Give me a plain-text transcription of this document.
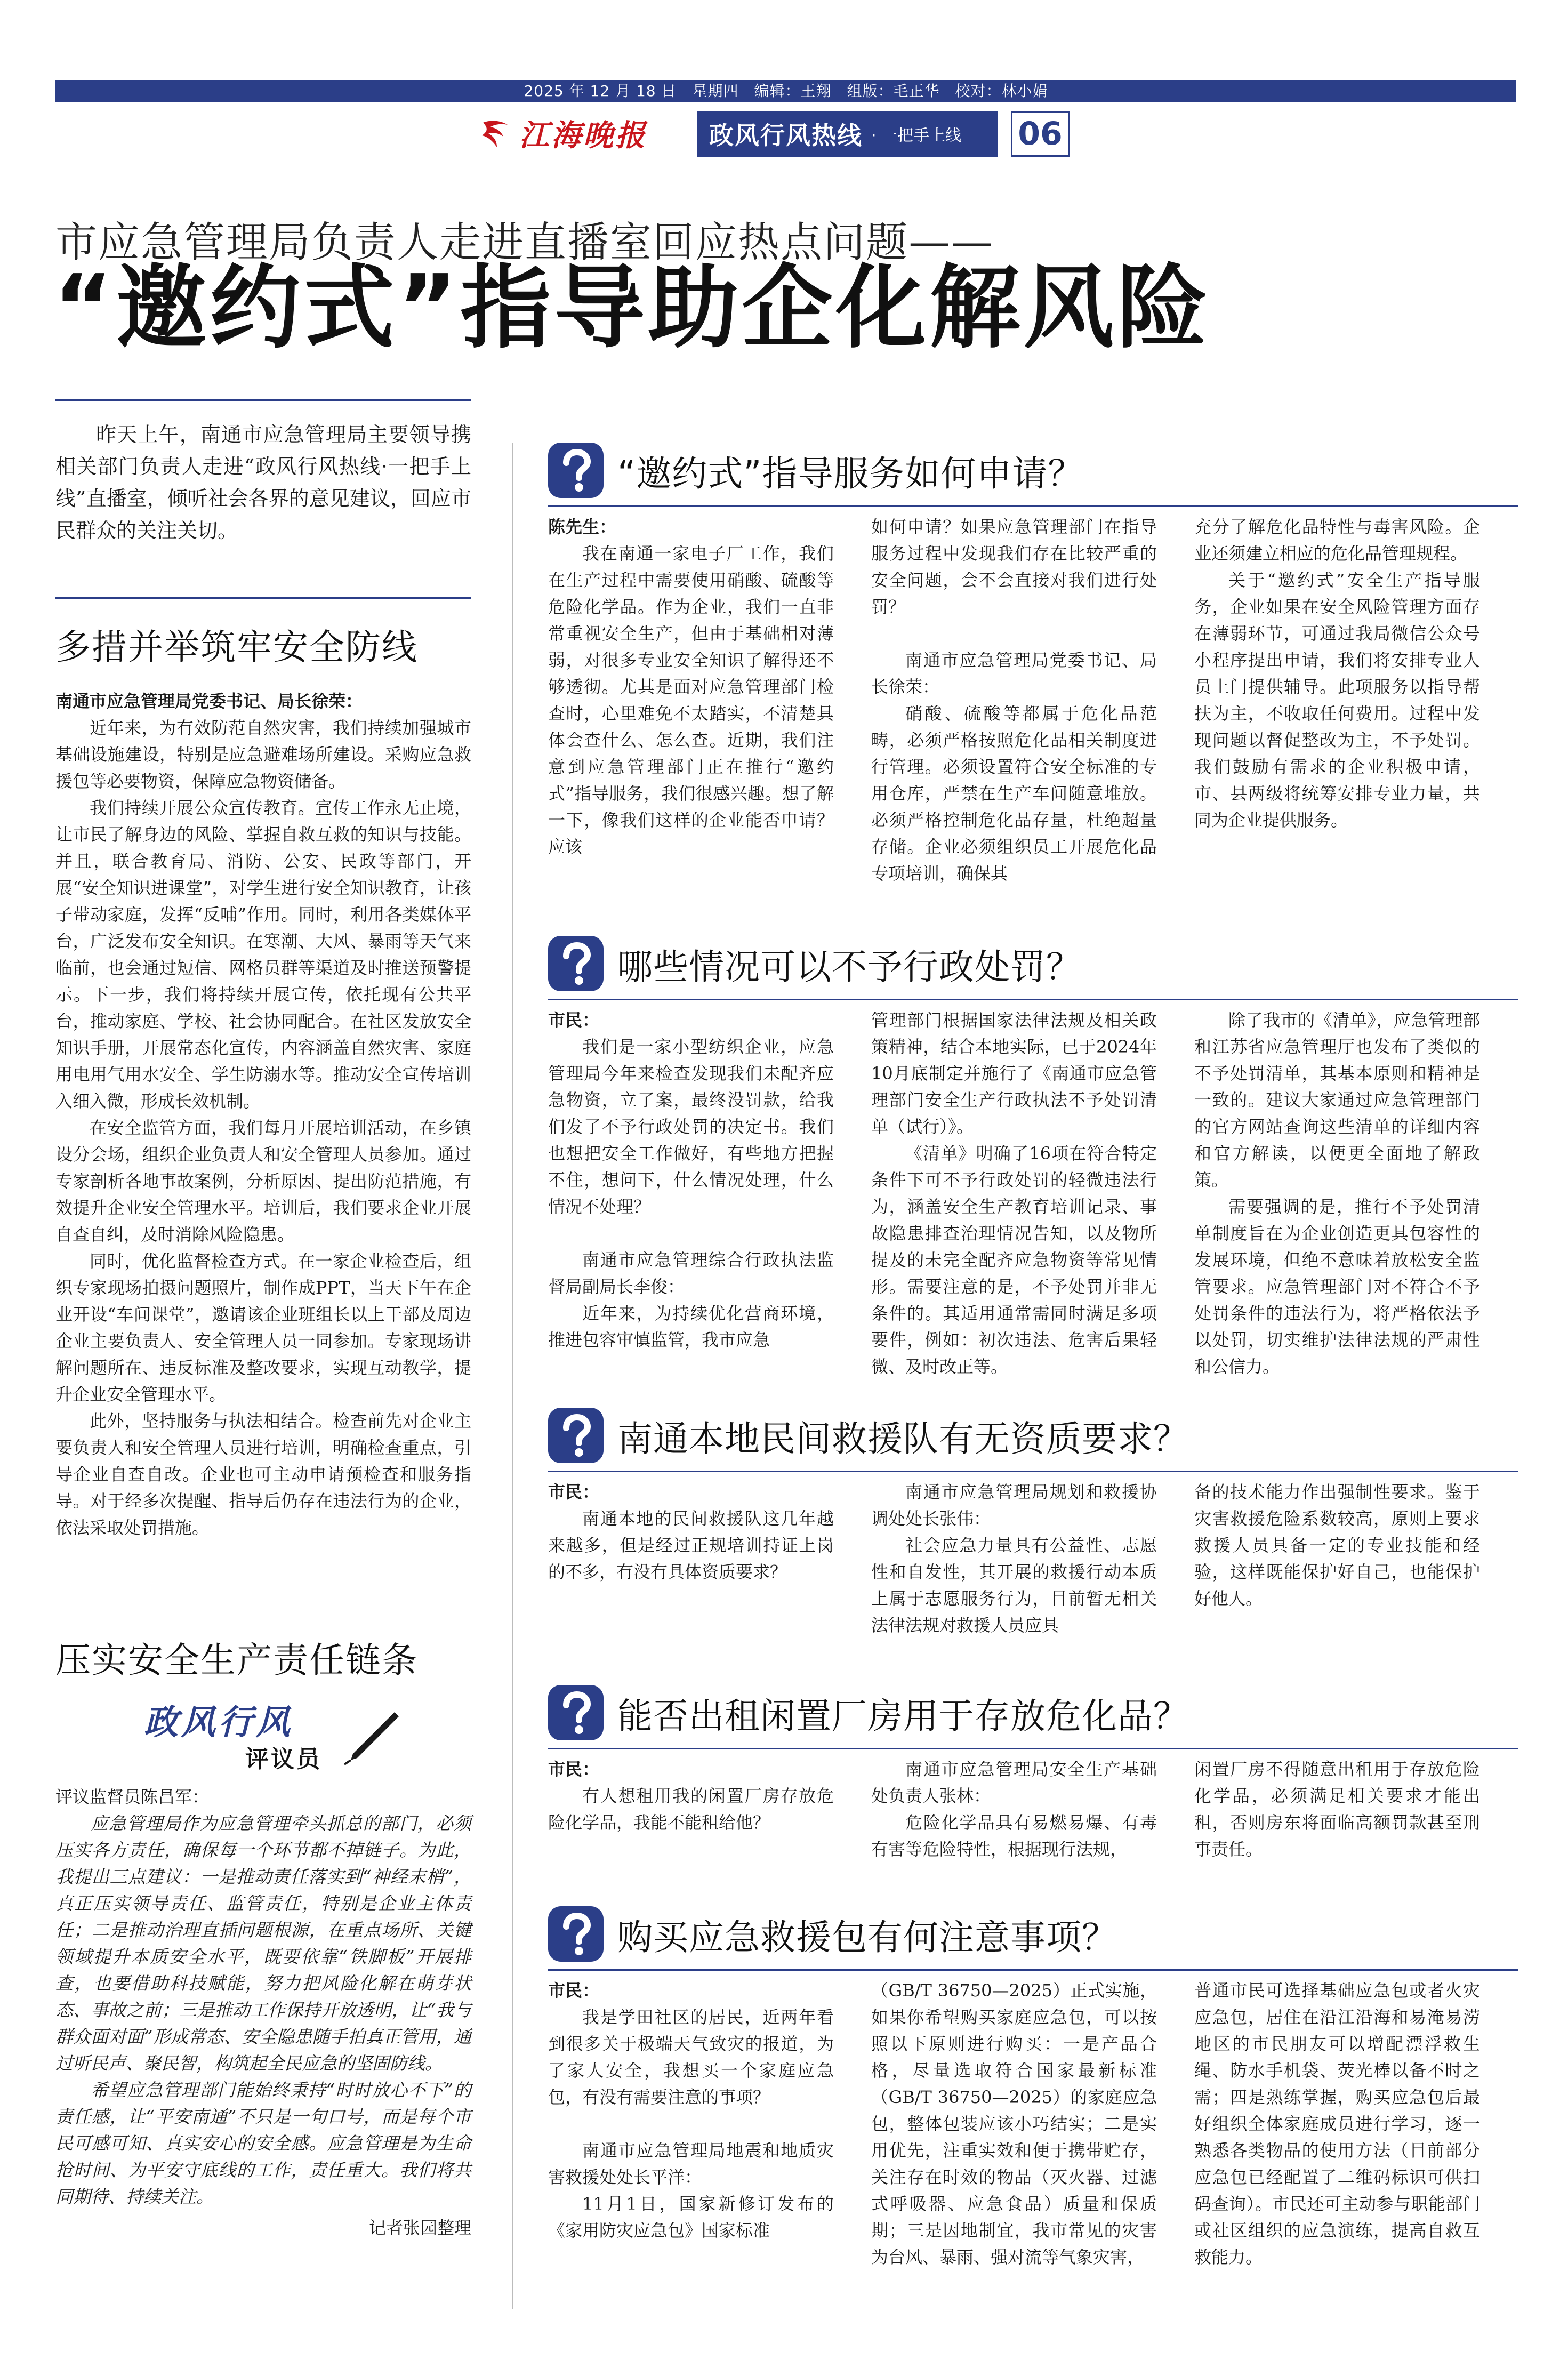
2025 年 12 月 18 日　星期四　编辑：王翔　组版：毛正华　校对：林小娟
江海晚报	政风行风热线 · 一把手上线 06
市应急管理局负责人走进直播室回应热点问题——
“邀约式”指导助企化解风险

昨天上午，南通市应急管理局主要领导携相关部门负责人走进“政风行风热线·一把手上线”直播室，倾听社会各界的意见建议，回应市民群众的关注关切。

多措并举筑牢安全防线

南通市应急管理局党委书记、局长徐荣：

近年来，为有效防范自然灾害，我们持续加强城市基础设施建设，特别是应急避难场所建设。采购应急救援包等必要物资，保障应急物资储备。

我们持续开展公众宣传教育。宣传工作永无止境，让市民了解身边的风险、掌握自救互救的知识与技能。并且，联合教育局、消防、公安、民政等部门，开展“安全知识进课堂”，对学生进行安全知识教育，让孩子带动家庭，发挥“反哺”作用。同时，利用各类媒体平台，广泛发布安全知识。在寒潮、大风、暴雨等天气来临前，也会通过短信、网格员群等渠道及时推送预警提示。下一步，我们将持续开展宣传，依托现有公共平台，推动家庭、学校、社会协同配合。在社区发放安全知识手册，开展常态化宣传，内容涵盖自然灾害、家庭用电用气用水安全、学生防溺水等。推动安全宣传培训入细入微，形成长效机制。

在安全监管方面，我们每月开展培训活动，在乡镇设分会场，组织企业负责人和安全管理人员参加。通过专家剖析各地事故案例，分析原因、提出防范措施，有效提升企业安全管理水平。培训后，我们要求企业开展自查自纠，及时消除风险隐患。

同时，优化监督检查方式。在一家企业检查后，组织专家现场拍摄问题照片，制作成PPT，当天下午在企业开设“车间课堂”，邀请该企业班组长以上干部及周边企业主要负责人、安全管理人员一同参加。专家现场讲解问题所在、违反标准及整改要求，实现互动教学，提升企业安全管理水平。

此外，坚持服务与执法相结合。检查前先对企业主要负责人和安全管理人员进行培训，明确检查重点，引导企业自查自改。企业也可主动申请预检查和服务指导。对于经多次提醒、指导后仍存在违法行为的企业，依法采取处罚措施。

压实安全生产责任链条
政风行风
评议员

评议监督员陈昌军：

应急管理局作为应急管理牵头抓总的部门，必须压实各方责任，确保每一个环节都不掉链子。为此，我提出三点建议：一是推动责任落实到“神经末梢”，真正压实领导责任、监管责任，特别是企业主体责任；二是推动治理直插问题根源，在重点场所、关键领域提升本质安全水平，既要依靠“铁脚板”开展排查，也要借助科技赋能，努力把风险化解在萌芽状态、事故之前；三是推动工作保持开放透明，让“我与群众面对面”形成常态、安全隐患随手拍真正管用，通过听民声、聚民智，构筑起全民应急的坚固防线。

希望应急管理部门能始终秉持“时时放心不下”的责任感，让“平安南通”不只是一句口号，而是每个市民可感可知、真实安心的安全感。应急管理是为生命抢时间、为平安守底线的工作，责任重大。我们将共同期待、持续关注。

记者张园整理

“邀约式”指导服务如何申请？

陈先生：

我在南通一家电子厂工作，我们在生产过程中需要使用硝酸、硫酸等危险化学品。作为企业，我们一直非常重视安全生产，但由于基础相对薄弱，对很多专业安全知识了解得还不够透彻。尤其是面对应急管理部门检查时，心里难免不太踏实，不清楚具体会查什么、怎么查。近期，我们注意到应急管理部门正在推行“邀约式”指导服务，我们很感兴趣。想了解一下，像我们这样的企业能否申请？应该

如何申请？如果应急管理部门在指导服务过程中发现我们存在比较严重的安全问题，会不会直接对我们进行处罚？

南通市应急管理局党委书记、局长徐荣：

硝酸、硫酸等都属于危化品范畴，必须严格按照危化品相关制度进行管理。必须设置符合安全标准的专用仓库，严禁在生产车间随意堆放。必须严格控制危化品存量，杜绝超量存储。企业必须组织员工开展危化品专项培训，确保其

充分了解危化品特性与毒害风险。企业还须建立相应的危化品管理规程。

关于“邀约式”安全生产指导服务，企业如果在安全风险管理方面存在薄弱环节，可通过我局微信公众号小程序提出申请，我们将安排专业人员上门提供辅导。此项服务以指导帮扶为主，不收取任何费用。过程中发现问题以督促整改为主，不予处罚。我们鼓励有需求的企业积极申请，市、县两级将统筹安排专业力量，共同为企业提供服务。

哪些情况可以不予行政处罚？

市民：

我们是一家小型纺织企业，应急管理局今年来检查发现我们未配齐应急物资，立了案，最终没罚款，给我们发了不予行政处罚的决定书。我们也想把安全工作做好，有些地方把握不住，想问下，什么情况处理，什么情况不处理？

南通市应急管理综合行政执法监督局副局长李俊：

近年来，为持续优化营商环境，推进包容审慎监管，我市应急

管理部门根据国家法律法规及相关政策精神，结合本地实际，已于2024年10月底制定并施行了《南通市应急管理部门安全生产行政执法不予处罚清单（试行）》。

《清单》明确了16项在符合特定条件下可不予行政处罚的轻微违法行为，涵盖安全生产教育培训记录、事故隐患排查治理情况告知，以及物所提及的未完全配齐应急物资等常见情形。需要注意的是，不予处罚并非无条件的。其适用通常需同时满足多项要件，例如：初次违法、危害后果轻微、及时改正等。

除了我市的《清单》，应急管理部和江苏省应急管理厅也发布了类似的不予处罚清单，其基本原则和精神是一致的。建议大家通过应急管理部门的官方网站查询这些清单的详细内容和官方解读，以便更全面地了解政策。

需要强调的是，推行不予处罚清单制度旨在为企业创造更具包容性的发展环境，但绝不意味着放松安全监管要求。应急管理部门对不符合不予处罚条件的违法行为，将严格依法予以处罚，切实维护法律法规的严肃性和公信力。

南通本地民间救援队有无资质要求？

市民：

南通本地的民间救援队这几年越来越多，但是经过正规培训持证上岗的不多，有没有具体资质要求？

南通市应急管理局规划和救援协调处处长张伟：

社会应急力量具有公益性、志愿性和自发性，其开展的救援行动本质上属于志愿服务行为，目前暂无相关法律法规对救援人员应具

备的技术能力作出强制性要求。鉴于灾害救援危险系数较高，原则上要求救援人员具备一定的专业技能和经验，这样既能保护好自己，也能保护好他人。

能否出租闲置厂房用于存放危化品？

市民：

有人想租用我的闲置厂房存放危险化学品，我能不能租给他？

南通市应急管理局安全生产基础处负责人张林：

危险化学品具有易燃易爆、有毒有害等危险特性，根据现行法规，

闲置厂房不得随意出租用于存放危险化学品，必须满足相关要求才能出租，否则房东将面临高额罚款甚至刑事责任。

购买应急救援包有何注意事项？

市民：

我是学田社区的居民，近两年看到很多关于极端天气致灾的报道，为了家人安全，我想买一个家庭应急包，有没有需要注意的事项？

南通市应急管理局地震和地质灾害救援处处长平洋：

11月1日，国家新修订发布的《家用防灾应急包》国家标准

（GB/T 36750—2025）正式实施，如果你希望购买家庭应急包，可以按照以下原则进行购买：一是产品合格，尽量选取符合国家最新标准（GB/T 36750—2025）的家庭应急包，整体包装应该小巧结实；二是实用优先，注重实效和便于携带贮存，关注存在时效的物品（灭火器、过滤式呼吸器、应急食品）质量和保质期；三是因地制宜，我市常见的灾害为台风、暴雨、强对流等气象灾害，

普通市民可选择基础应急包或者火灾应急包，居住在沿江沿海和易淹易涝地区的市民朋友可以增配漂浮救生绳、防水手机袋、荧光棒以备不时之需；四是熟练掌握，购买应急包后最好组织全体家庭成员进行学习，逐一熟悉各类物品的使用方法（目前部分应急包已经配置了二维码标识可供扫码查询）。市民还可主动参与职能部门或社区组织的应急演练，提高自救互救能力。
